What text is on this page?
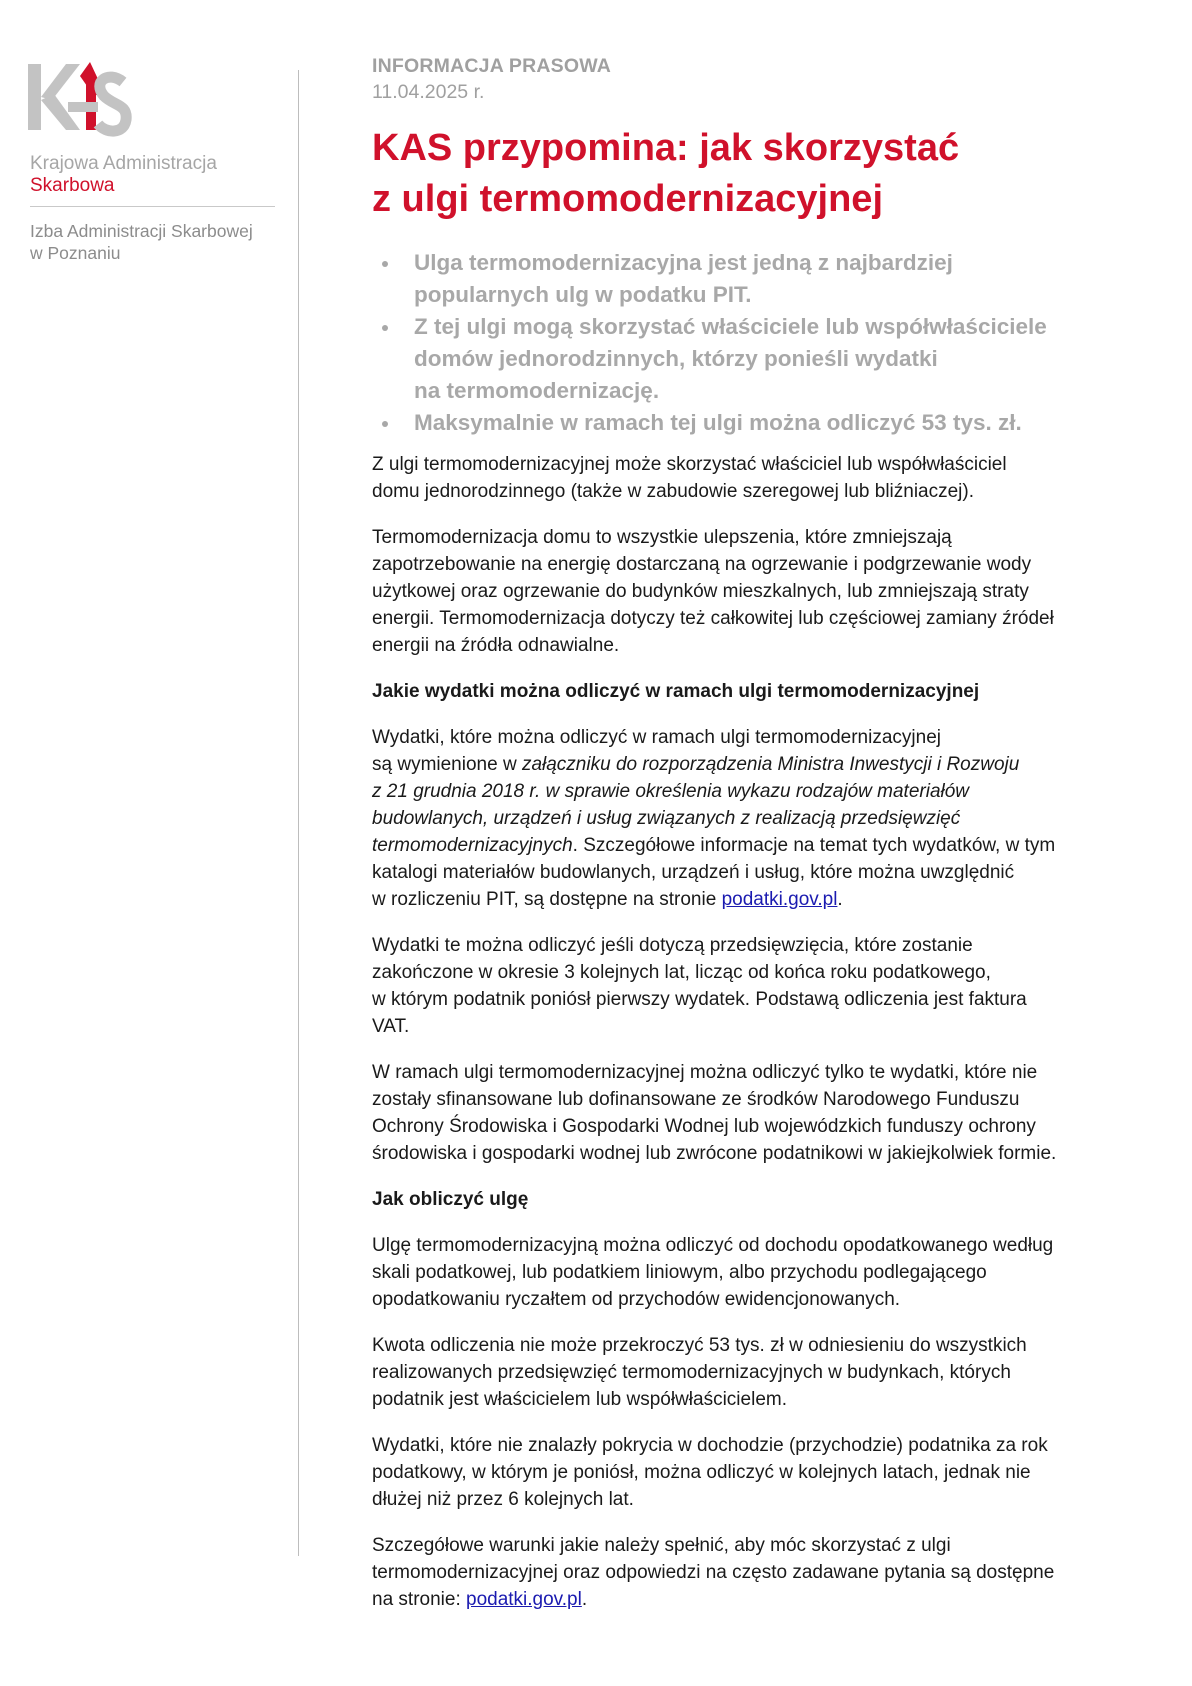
Krajowa Administracja
Skarbowa
Izba Administracji Skarbowej
w Poznaniu
INFORMACJA PRASOWA
11.04.2025 r.
KAS przypomina: jak skorzystać
z ulgi termomodernizacyjnej
Ulga termomodernizacyjna jest jedną z najbardziej
popularnych ulg w podatku PIT.
Z tej ulgi mogą skorzystać właściciele lub współwłaściciele
domów jednorodzinnych, którzy ponieśli wydatki
na termomodernizację.
Maksymalnie w ramach tej ulgi można odliczyć 53 tys. zł.

Z ulgi termomodernizacyjnej może skorzystać właściciel lub współwłaściciel
domu jednorodzinnego (także w zabudowie szeregowej lub bliźniaczej).

Termomodernizacja domu to wszystkie ulepszenia, które zmniejszają
zapotrzebowanie na energię dostarczaną na ogrzewanie i podgrzewanie wody
użytkowej oraz ogrzewanie do budynków mieszkalnych, lub zmniejszają straty
energii. Termomodernizacja dotyczy też całkowitej lub częściowej zamiany źródeł
energii na źródła odnawialne.

Jakie wydatki można odliczyć w ramach ulgi termomodernizacyjnej

Wydatki, które można odliczyć w ramach ulgi termomodernizacyjnej
są wymienione w załączniku do rozporządzenia Ministra Inwestycji i Rozwoju
z 21 grudnia 2018 r. w sprawie określenia wykazu rodzajów materiałów
budowlanych, urządzeń i usług związanych z realizacją przedsięwzięć
termomodernizacyjnych. Szczegółowe informacje na temat tych wydatków, w tym
katalogi materiałów budowlanych, urządzeń i usług, które można uwzględnić
w rozliczeniu PIT, są dostępne na stronie podatki.gov.pl.

Wydatki te można odliczyć jeśli dotyczą przedsięwzięcia, które zostanie
zakończone w okresie 3 kolejnych lat, licząc od końca roku podatkowego,
w którym podatnik poniósł pierwszy wydatek. Podstawą odliczenia jest faktura
VAT.

W ramach ulgi termomodernizacyjnej można odliczyć tylko te wydatki, które nie
zostały sfinansowane lub dofinansowane ze środków Narodowego Funduszu
Ochrony Środowiska i Gospodarki Wodnej lub wojewódzkich funduszy ochrony
środowiska i gospodarki wodnej lub zwrócone podatnikowi w jakiejkolwiek formie.

Jak obliczyć ulgę

Ulgę termomodernizacyjną można odliczyć od dochodu opodatkowanego według
skali podatkowej, lub podatkiem liniowym, albo przychodu podlegającego
opodatkowaniu ryczałtem od przychodów ewidencjonowanych.

Kwota odliczenia nie może przekroczyć 53 tys. zł w odniesieniu do wszystkich
realizowanych przedsięwzięć termomodernizacyjnych w budynkach, których
podatnik jest właścicielem lub współwłaścicielem.

Wydatki, które nie znalazły pokrycia w dochodzie (przychodzie) podatnika za rok
podatkowy, w którym je poniósł, można odliczyć w kolejnych latach, jednak nie
dłużej niż przez 6 kolejnych lat.

Szczegółowe warunki jakie należy spełnić, aby móc skorzystać z ulgi
termomodernizacyjnej oraz odpowiedzi na często zadawane pytania są dostępne
na stronie: podatki.gov.pl.
